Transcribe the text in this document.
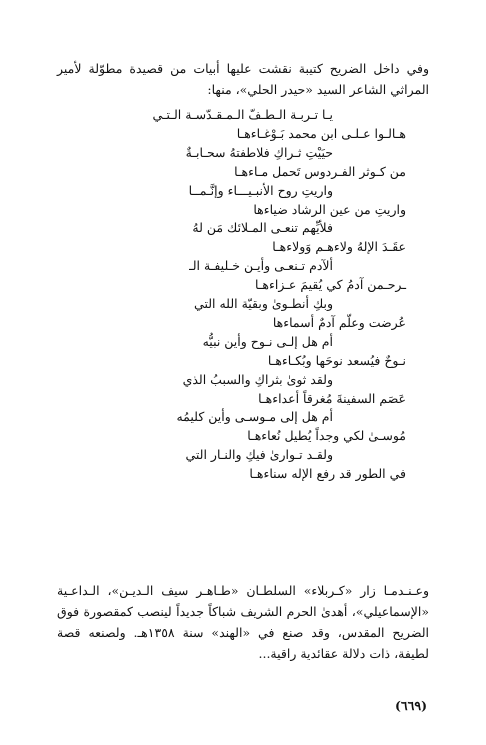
وفي داخل الضريح كتيبة نقشت عليها أبيات من قصيدة مطوّلة لأمير المراثي الشاعر السيد «حيدر الحلي»، منها:

يـا تـربـة الـطـفّ الـمـقـدّسـة الـتـي
هـالـوا عـلـى ابن محمد بَـوْغـاءهـا
حيَيْتِ ثـراكِ فلاطفتهُ سحـابـةٌ
من كـوثر الفـردوس تَحمل مـاءهـا
واريتِ روح الأنبـيـــاء وإنَّـمــا
واريتِ من عين الرشاد ضياءها
فلأيِّهم تنعـى المـلائك مَن لهُ
عقَـدَ الإلهُ ولاءهـم وَولاءهـا
ألآدم تـنعـى وأيـن خـليفـة الـ
ـرحـمن آدمُ كي يُقيمَ عـزاءهـا
وبكِ أنطـوىٰ وبقيّة الله التي
عُرضت وعلّم آدمٌ أسماءها
أم هل إلـى نـوح وأين نبيُّه
نـوحٌ فيُسعد نوحَها وبُكـاءهـا
ولقد ثوىٰ بثراكِ والسببُ الذي
عَصَم السفينةَ مُغرقاً أعداءهـا
أم هل إلى مـوسـى وأين كليمُه
مُوسـىٰ لكي وجداً يُطيل نُعاءهـا
ولقـد تـوارىٰ فيكِ والنـار التي
في الطور قد رفع الإله سناءهـا

وعـنـدمـا زار «كـربلاء» السلطـان «طـاهـر سيف الـديـن»، الـداعـية «الإسماعيلي»، أهدىٰ الحرم الشريف شباكاً جديداً لينصب كمقصورة فوق الضريح المقدس، وقد صنع في «الهند» سنة ١٣٥٨هـ. ولصنعه قصة لطيفة، ذات دلالة عقائدية راقية...

(٦٦٩)
